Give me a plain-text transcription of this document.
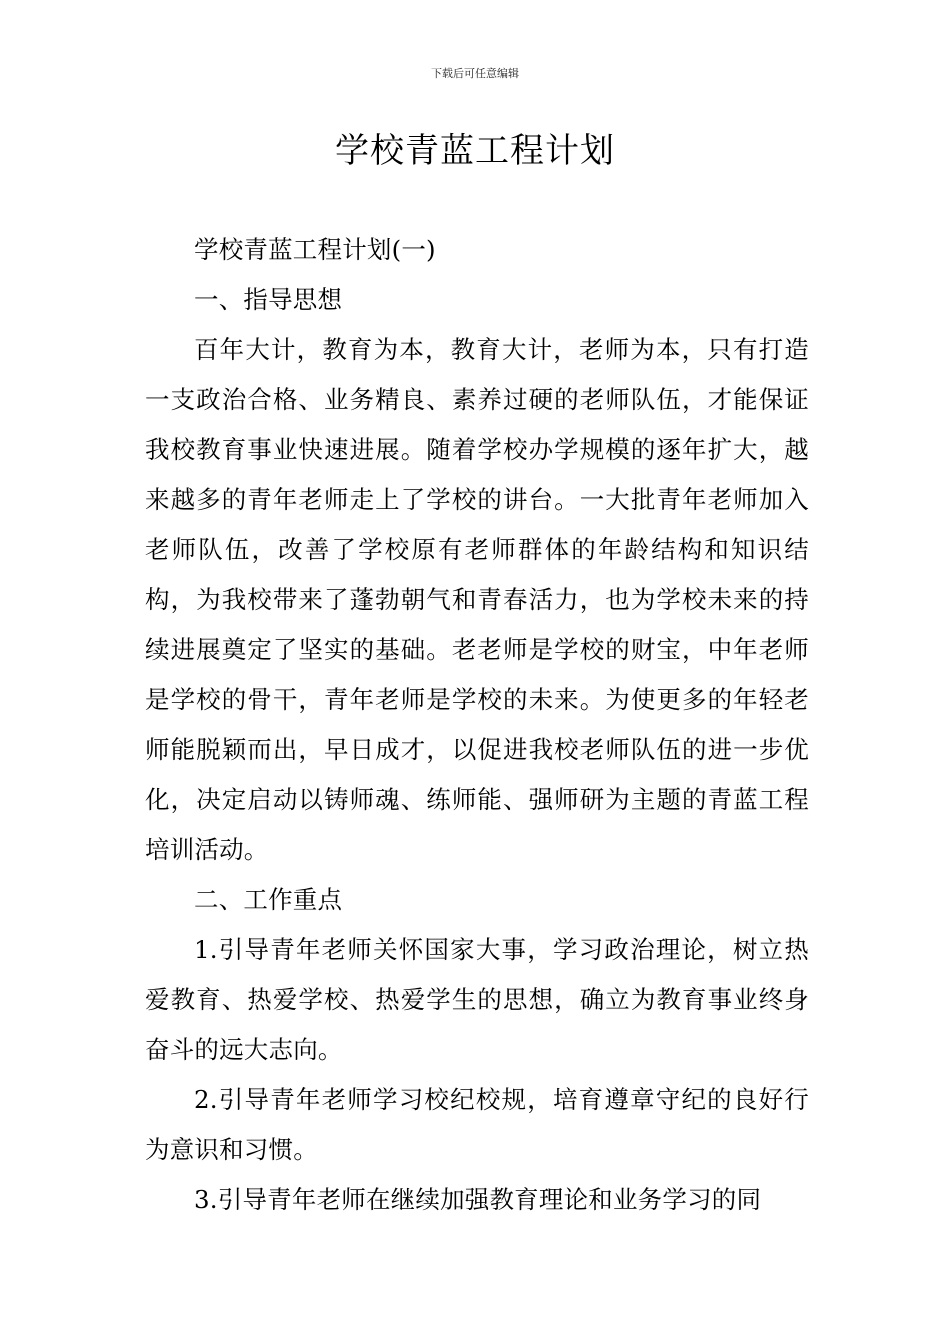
下载后可任意编辑
学校青蓝工程计划

学校青蓝工程计划(一)

一、指导思想

百年大计，教育为本，教育大计，老师为本，只有打造一支政治合格、业务精良、素养过硬的老师队伍，才能保证我校教育事业快速进展。随着学校办学规模的逐年扩大，越来越多的青年老师走上了学校的讲台。一大批青年老师加入老师队伍，改善了学校原有老师群体的年龄结构和知识结构，为我校带来了蓬勃朝气和青春活力，也为学校未来的持续进展奠定了坚实的基础。老老师是学校的财宝，中年老师是学校的骨干，青年老师是学校的未来。为使更多的年轻老师能脱颖而出，早日成才，以促进我校老师队伍的进一步优化，决定启动以铸师魂、练师能、强师研为主题的青蓝工程培训活动。

二、工作重点

1.引导青年老师关怀国家大事，学习政治理论，树立热爱教育、热爱学校、热爱学生的思想，确立为教育事业终身奋斗的远大志向。

2.引导青年老师学习校纪校规，培育遵章守纪的良好行为意识和习惯。

3.引导青年老师在继续加强教育理论和业务学习的同
